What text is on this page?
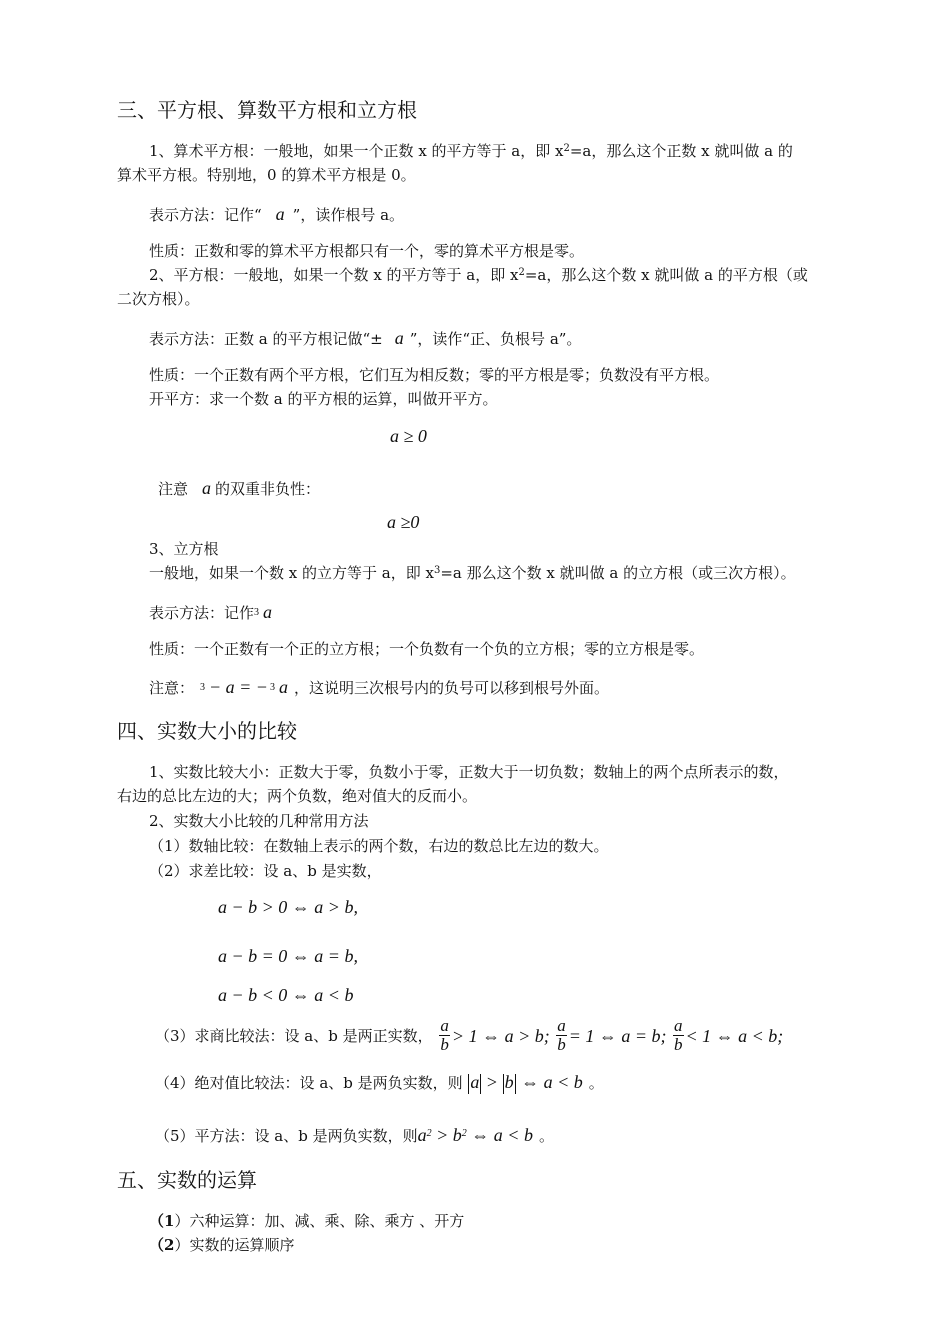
三、平方根、算数平方根和立方根
1、算术平方根：一般地，如果一个正数 x 的平方等于 a，即 $x^2=a$，那么这个正数 x 就叫做 a 的
算术平方根。特别地，0 的算术平方根是 0。
表示方法：记作“ a ”，读作根号 a。
性质：正数和零的算术平方根都只有一个，零的算术平方根是零。
2、平方根：一般地，如果一个数 x 的平方等于 a，即 $x^2=a$，那么这个数 x 就叫做 a 的平方根（或
二次方根）。
表示方法：正数 a 的平方根记做“± a ”，读作“正、负根号 a”。
性质：一个正数有两个平方根，它们互为相反数；零的平方根是零；负数没有平方根。
开平方：求一个数 a 的平方根的运算，叫做开平方。
a ≥ 0
注意 a 的双重非负性：
a ≥0
3、立方根
一般地，如果一个数 x 的立方等于 a，即 $x^3=a$ 那么这个数 x 就叫做 a 的立方根（或三次方根）。
表示方法：记作3 a
性质：一个正数有一个正的立方根；一个负数有一个负的立方根；零的立方根是零。
注意： 3 − a = − 3 a ，这说明三次根号内的负号可以移到根号外面。
四、实数大小的比较
1、实数比较大小：正数大于零，负数小于零，正数大于一切负数；数轴上的两个点所表示的数，
右边的总比左边的大；两个负数，绝对值大的反而小。
2、实数大小比较的几种常用方法
（1）数轴比较：在数轴上表示的两个数，右边的数总比左边的数大。
（2）求差比较：设 a、b 是实数，
a − b > 0 ⇔ a > b,
a − b = 0 ⇔ a = b,
a − b < 0 ⇔ a < b
（3）求商比较法：设 a、b 是两正实数， $\frac{a}{b} > 1$ ⇔ a > b; $\frac{a}{b} = 1$ ⇔ a = b; $\frac{a}{b} < 1$ ⇔ a < b;
（4）绝对值比较法：设 a、b 是两负实数，则 a > b ⇔ a < b 。
（5）平方法：设 a、b 是两负实数，则$a^2 > b^2$ ⇔ a < b 。
五、实数的运算
（1）六种运算：加、减、乘、除、乘方 、开方
（2）实数的运算顺序
